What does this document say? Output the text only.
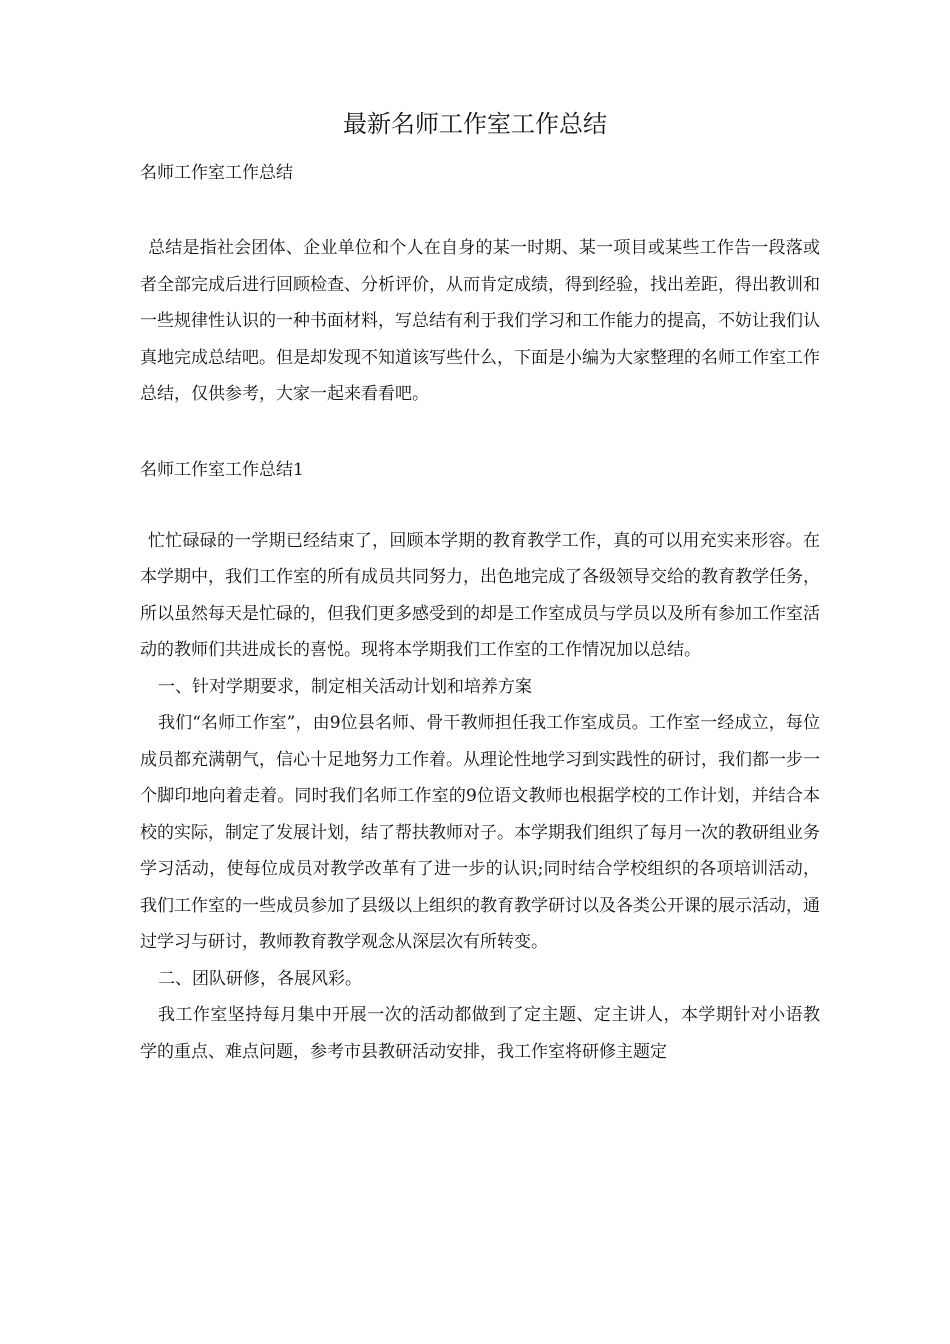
最新名师工作室工作总结

名师工作室工作总结

总结是指社会团体、企业单位和个人在自身的某一时期、某一项目或某些工作告一段落或者全部完成后进行回顾检查、分析评价，从而肯定成绩，得到经验，找出差距，得出教训和一些规律性认识的一种书面材料，写总结有利于我们学习和工作能力的提高，不妨让我们认真地完成总结吧。但是却发现不知道该写些什么，下面是小编为大家整理的名师工作室工作总结，仅供参考，大家一起来看看吧。

名师工作室工作总结1

忙忙碌碌的一学期已经结束了，回顾本学期的教育教学工作，真的可以用充实来形容。在本学期中，我们工作室的所有成员共同努力，出色地完成了各级领导交给的教育教学任务，所以虽然每天是忙碌的，但我们更多感受到的却是工作室成员与学员以及所有参加工作室活动的教师们共进成长的喜悦。现将本学期我们工作室的工作情况加以总结。

一、针对学期要求，制定相关活动计划和培养方案

我们“名师工作室”，由9位县名师、骨干教师担任我工作室成员。工作室一经成立，每位成员都充满朝气，信心十足地努力工作着。从理论性地学习到实践性的研讨，我们都一步一个脚印地向着走着。同时我们名师工作室的9位语文教师也根据学校的工作计划，并结合本校的实际，制定了发展计划，结了帮扶教师对子。本学期我们组织了每月一次的教研组业务学习活动，使每位成员对教学改革有了进一步的认识;同时结合学校组织的各项培训活动，我们工作室的一些成员参加了县级以上组织的教育教学研讨以及各类公开课的展示活动，通过学习与研讨，教师教育教学观念从深层次有所转变。

二、团队研修，各展风彩。

我工作室坚持每月集中开展一次的活动都做到了定主题、定主讲人，本学期针对小语教学的重点、难点问题，参考市县教研活动安排，我工作室将研修主题定
